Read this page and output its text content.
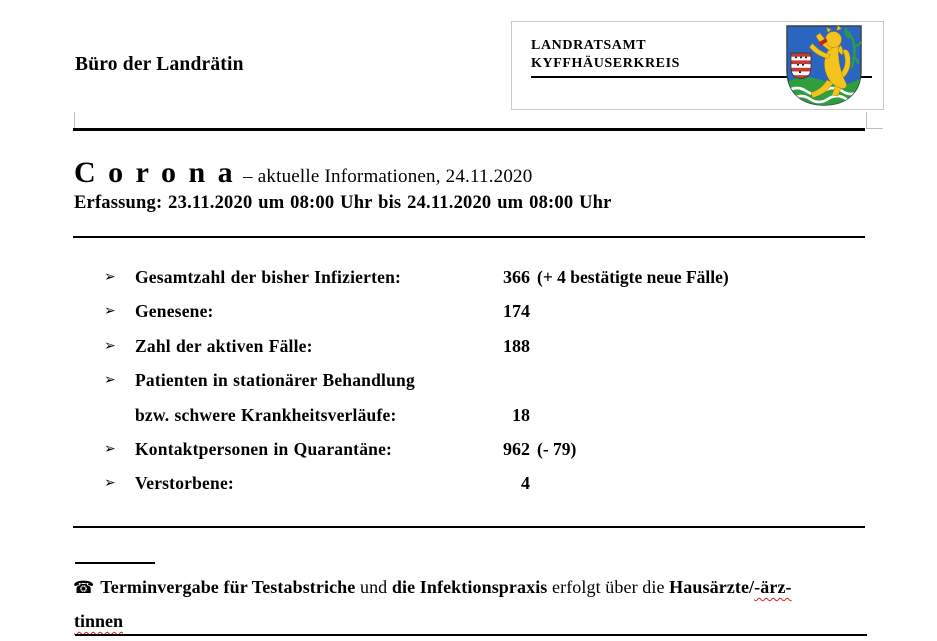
Büro der Landrätin
LANDRATSAMT
KYFFHÄUSERKREIS
C o r o n a – aktuelle Informationen, 24.11.2020
Erfassung: 23.11.2020 um 08:00 Uhr bis 24.11.2020 um 08:00 Uhr
➢ Gesamtzahl der bisher Infizierten:	366 (+ 4 bestätigte neue Fälle)
➢ Genesene:	174
➢ Zahl der aktiven Fälle:	188
➢ Patienten in stationärer Behandlung
bzw. schwere Krankheitsverläufe:	18
➢ Kontaktpersonen in Quarantäne:	962 (- 79)
➢ Verstorbene:	4
☎ Terminvergabe für Testabstriche und die Infektionspraxis erfolgt über die Hausärzte/-ärz-
tinnen
